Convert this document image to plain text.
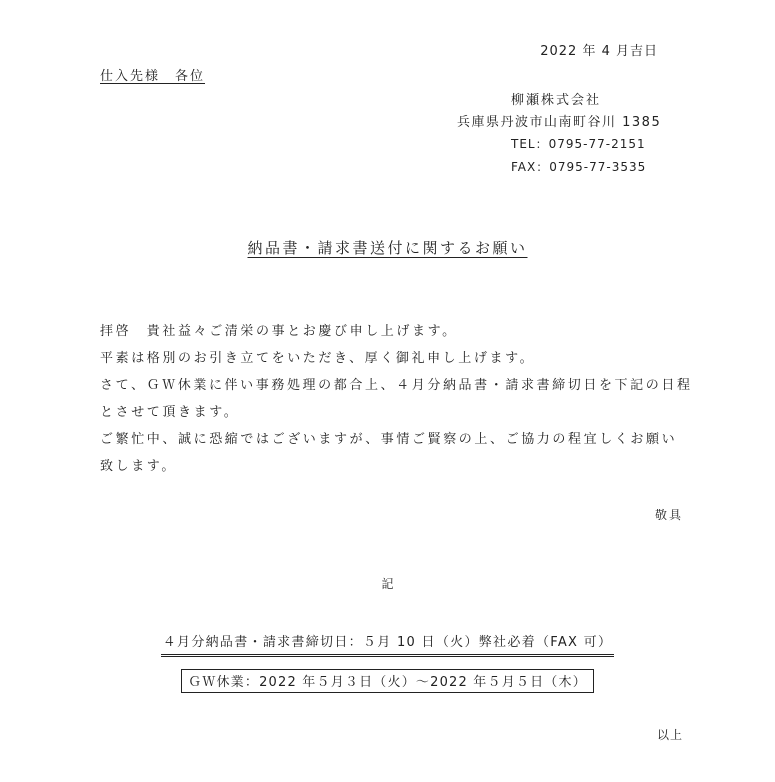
2022 年 4 月吉日
仕入先様　各位
柳瀬株式会社
兵庫県丹波市山南町谷川 1385
TEL：0795-77-2151
FAX：0795-77-3535
納品書・請求書送付に関するお願い
拝啓　貴社益々ご清栄の事とお慶び申し上げます。
平素は格別のお引き立てをいただき、厚く御礼申し上げます。
さて、ＧＷ休業に伴い事務処理の都合上、４月分納品書・請求書締切日を下記の日程
とさせて頂きます。
ご繁忙中、誠に恐縮ではございますが、事情ご賢察の上、ご協力の程宜しくお願い
致します。
敬具
記
４月分納品書・請求書締切日：５月 10 日（火）弊社必着（FAX 可）
ＧＷ休業：2022 年５月３日（火）～2022 年５月５日（木）
以上
